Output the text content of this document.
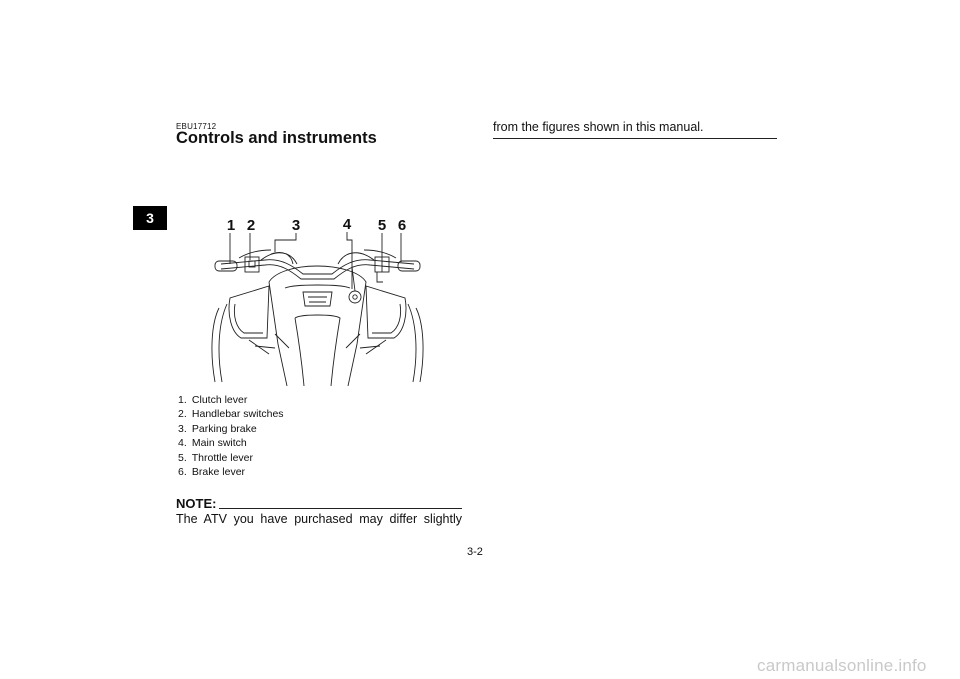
3
EBU17712
Controls and instruments
1 2 3	4 5 6
1. Clutch lever
2. Handlebar switches
3. Parking brake
4. Main switch
5. Throttle lever
6. Brake lever
NOTE:
The ATV you have purchased may differ slightly
from the figures shown in this manual.
3-2
carmanualsonline.info
